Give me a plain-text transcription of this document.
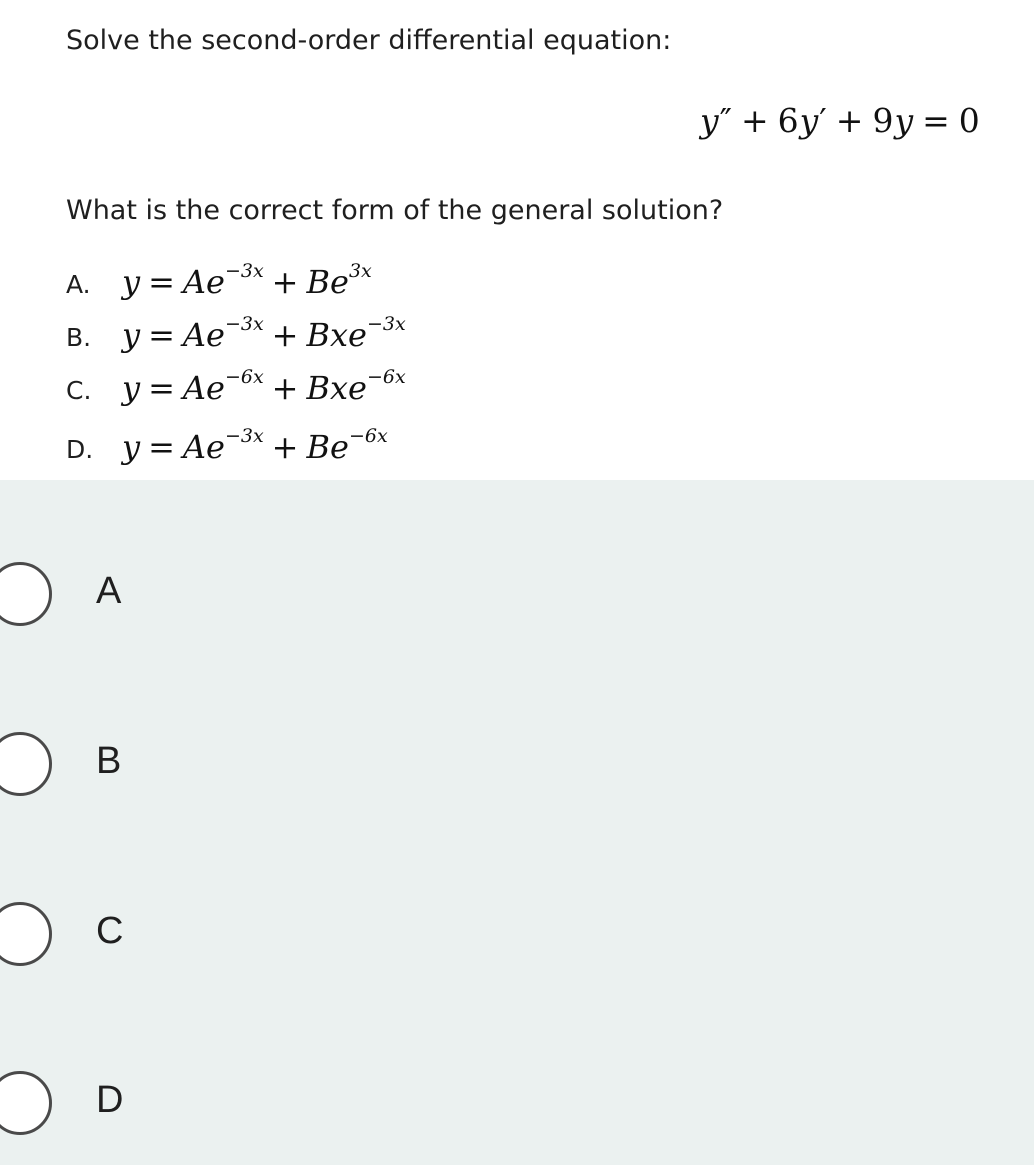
Solve the second-order differential equation:
y″ + 6y′ + 9y = 0
What is the correct form of the general solution?
A. $y = Ae^{-3x} + Be^{3x}$
B. $y = Ae^{-3x} + Bxe^{-3x}$
C. $y = Ae^{-6x} + Bxe^{-6x}$
D. $y = Ae^{-3x} + Be^{-6x}$
A
B
C
D
